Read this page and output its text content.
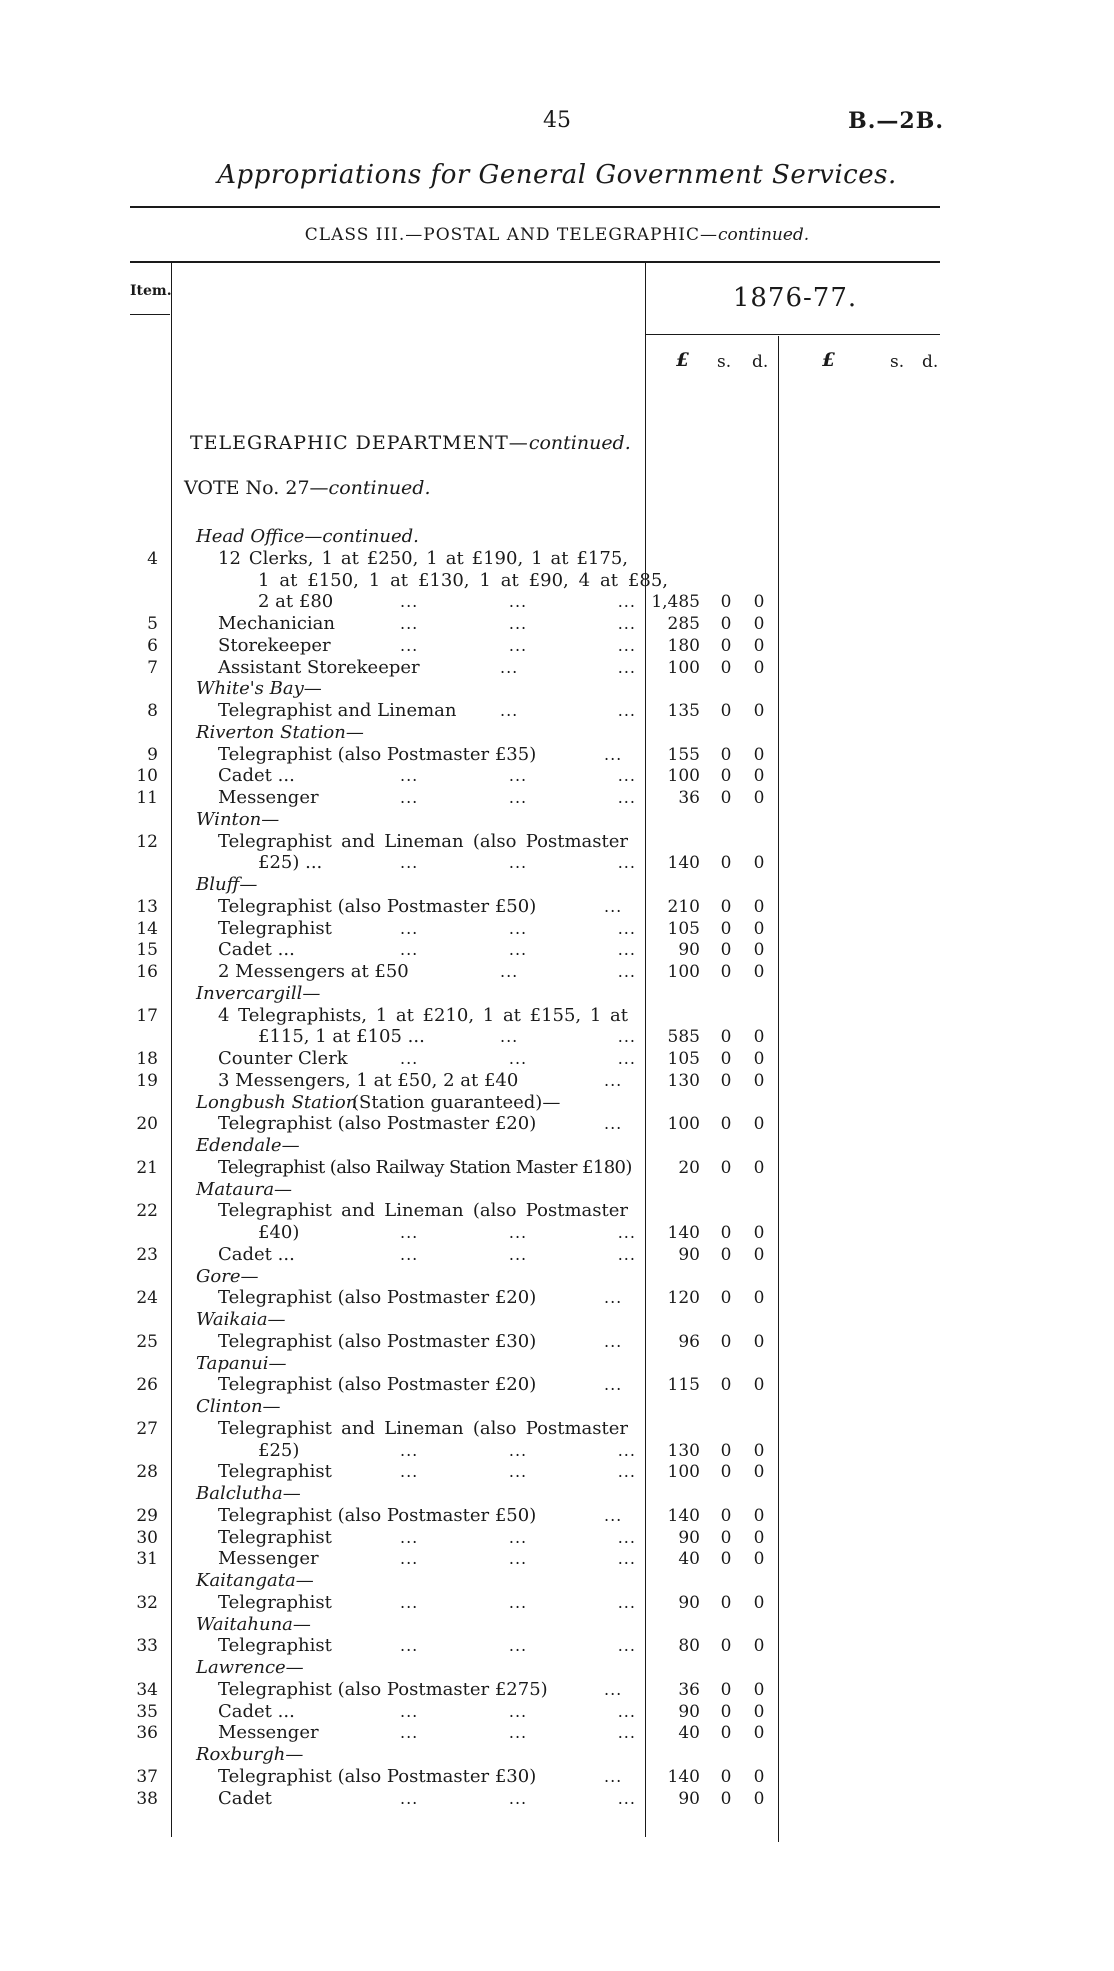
45	B.—2B.
Appropriations for General Government Services.
CLASS III.—POSTAL AND TELEGRAPHIC—continued.
Item.	1876-77.
£ s. d.	£	s. d.
TELEGRAPHIC DEPARTMENT—continued.
VOTE No. 27—continued.
Head Office—continued.
4	12 Clerks, 1 at £250, 1 at £190, 1 at £175,
1 at £150, 1 at £130, 1 at £90, 4 at £85,
2 at £80	...	...	... 1,485 0 0
5	Mechanician	...	...	...	285 0 0
6	Storekeeper	...	...	...	180 0 0
7	Assistant Storekeeper	...	...	100 0 0
White's Bay—
8	Telegraphist and Lineman	...	...	135 0 0
Riverton Station—
9	Telegraphist (also Postmaster £35)	...	155 0 0
10	Cadet ...	...	...	...	100 0 0
11	Messenger	...	...	...	36 0 0
Winton—
12	Telegraphist and Lineman (also Postmaster
£25) ...	...	...	...	140 0 0
Bluff—
13	Telegraphist (also Postmaster £50)	...	210 0 0
14	Telegraphist	...	...	...	105 0 0
15	Cadet ...	...	...	...	90 0 0
16	2 Messengers at £50	...	...	100 0 0
Invercargill—
17	4 Telegraphists, 1 at £210, 1 at £155, 1 at
£115, 1 at £105 ...	...	...	585 0 0
18	Counter Clerk	...	...	...	105 0 0
19	3 Messengers, 1 at £50, 2 at £40	...	130 0 0
Longbush Station
(Station guaranteed)—
20	Telegraphist (also Postmaster £20)	...	100 0 0
Edendale—
21	Telegraphist (also Railway Station Master £180)	20 0 0
Mataura—
22	Telegraphist and Lineman (also Postmaster
£40)	...	...	...	140 0 0
23	Cadet ...	...	...	...	90 0 0
Gore—
24	Telegraphist (also Postmaster £20)	...	120 0 0
Waikaia—
25	Telegraphist (also Postmaster £30)	...	96 0 0
Tapanui—
26	Telegraphist (also Postmaster £20)	...	115 0 0
Clinton—
27	Telegraphist and Lineman (also Postmaster
£25)	...	...	...	130 0 0
28	Telegraphist	...	...	...	100 0 0
Balclutha—
29	Telegraphist (also Postmaster £50)	...	140 0 0
30	Telegraphist	...	...	...	90 0 0
31	Messenger	...	...	...	40 0 0
Kaitangata—
32	Telegraphist	...	...	...	90 0 0
Waitahuna—
33	Telegraphist	...	...	...	80 0 0
Lawrence—
34	Telegraphist (also Postmaster £275)	...	36 0 0
35	Cadet ...	...	...	...	90 0 0
36	Messenger	...	...	...	40 0 0
Roxburgh—
37	Telegraphist (also Postmaster £30)	...	140 0 0
38	Cadet	...	...	...	90 0 0
